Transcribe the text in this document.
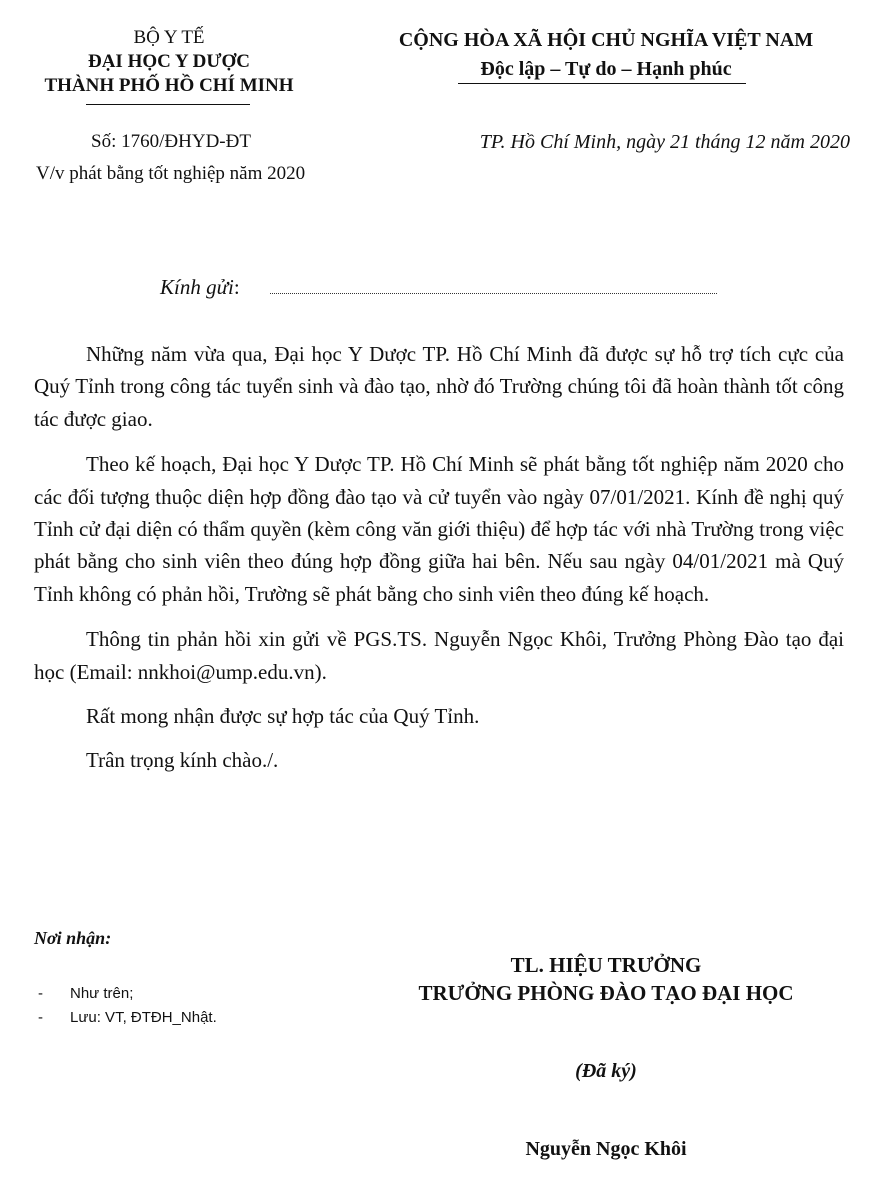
BỘ Y TẾ
ĐẠI HỌC Y DƯỢC
THÀNH PHỐ HỒ CHÍ MINH
Số: 1760/ĐHYD-ĐT
V/v phát bằng tốt nghiệp năm 2020
CỘNG HÒA XÃ HỘI CHỦ NGHĨA VIỆT NAM
Độc lập – Tự do – Hạnh phúc
TP. Hồ Chí Minh, ngày 21 tháng 12 năm 2020
Kính gửi:

Những năm vừa qua, Đại học Y Dược TP. Hồ Chí Minh đã được sự hỗ trợ tích cực của Quý Tỉnh trong công tác tuyển sinh và đào tạo, nhờ đó Trường chúng tôi đã hoàn thành tốt công tác được giao.

Theo kế hoạch, Đại học Y Dược TP. Hồ Chí Minh sẽ phát bằng tốt nghiệp năm 2020 cho các đối tượng thuộc diện hợp đồng đào tạo và cử tuyển vào ngày 07/01/2021. Kính đề nghị quý Tỉnh cử đại diện có thẩm quyền (kèm công văn giới thiệu) để hợp tác với nhà Trường trong việc phát bằng cho sinh viên theo đúng hợp đồng giữa hai bên. Nếu sau ngày 04/01/2021 mà Quý Tỉnh không có phản hồi, Trường sẽ phát bằng cho sinh viên theo đúng kế hoạch.

Thông tin phản hồi xin gửi về PGS.TS. Nguyễn Ngọc Khôi, Trưởng Phòng Đào tạo đại học (Email: nnkhoi@ump.edu.vn).

Rất mong nhận được sự hợp tác của Quý Tỉnh.

Trân trọng kính chào./.

Nơi nhận:
-	Như trên;
-	Lưu: VT, ĐTĐH_Nhật.
TL. HIỆU TRƯỞNG
TRƯỞNG PHÒNG ĐÀO TẠO ĐẠI HỌC
(Đã ký)
Nguyễn Ngọc Khôi
